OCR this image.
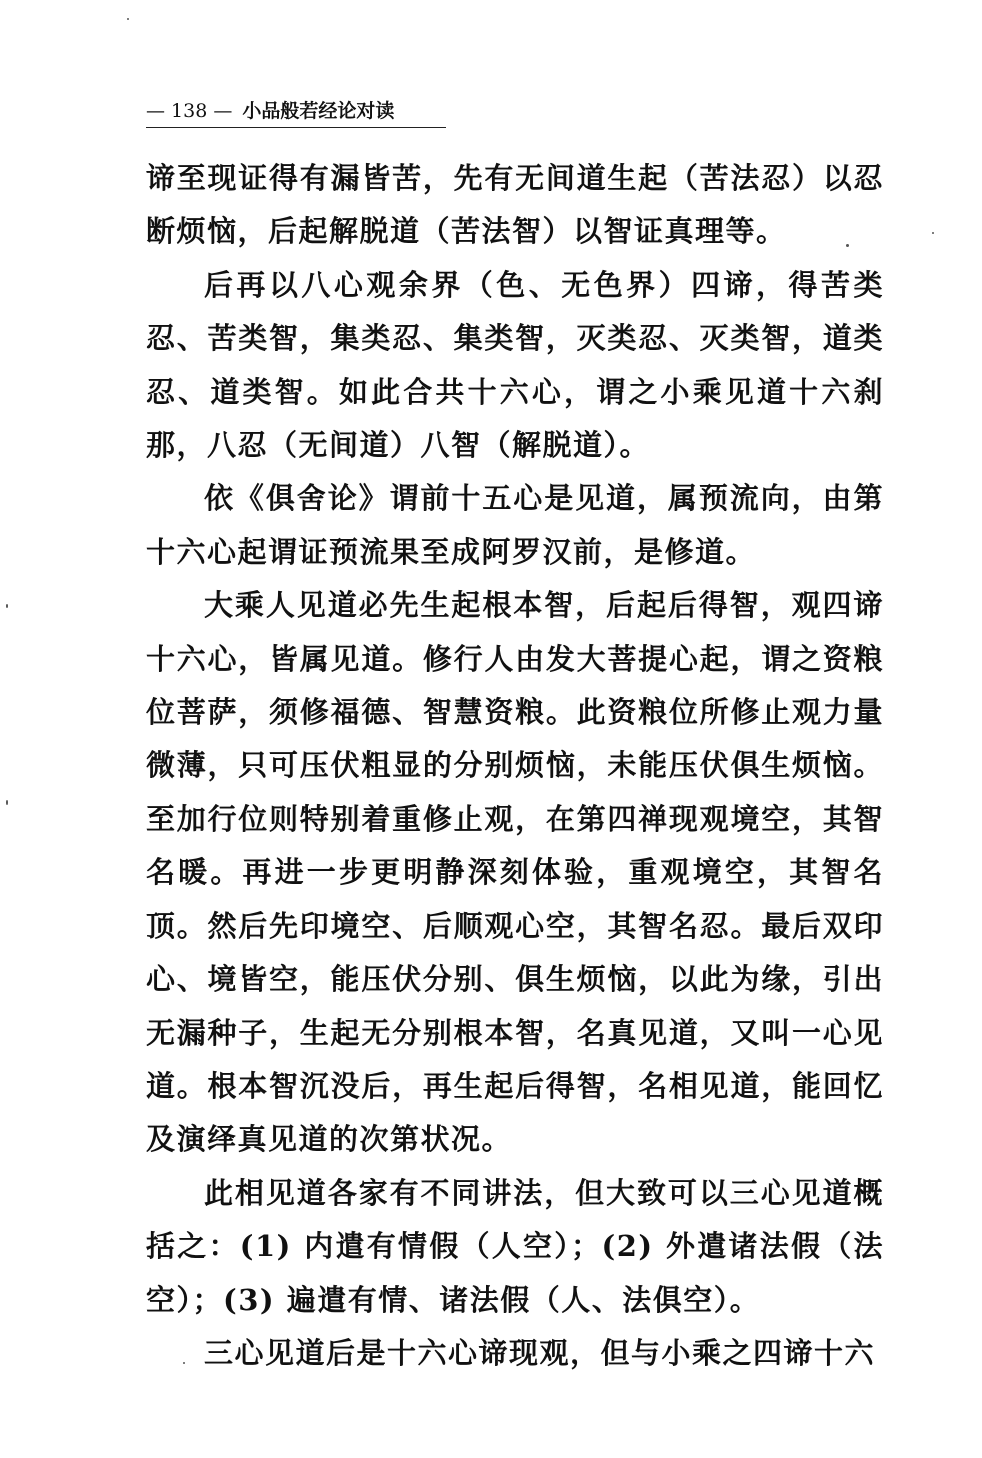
— 138 — 小品般若经论对读

谛至现证得有漏皆苦，先有无间道生起（苦法忍）以忍断烦恼，后起解脱道（苦法智）以智证真理等。

后再以八心观余界（色、无色界）四谛，得苦类忍、苦类智，集类忍、集类智，灭类忍、灭类智，道类忍、道类智。如此合共十六心，谓之小乘见道十六刹那，八忍（无间道）八智（解脱道）。

依《俱舍论》谓前十五心是见道，属预流向，由第十六心起谓证预流果至成阿罗汉前，是修道。

大乘人见道必先生起根本智，后起后得智，观四谛十六心，皆属见道。修行人由发大菩提心起，谓之资粮位菩萨，须修福德、智慧资粮。此资粮位所修止观力量微薄，只可压伏粗显的分别烦恼，未能压伏俱生烦恼。至加行位则特别着重修止观，在第四禅现观境空，其智名暖。再进一步更明静深刻体验，重观境空，其智名顶。然后先印境空、后顺观心空，其智名忍。最后双印心、境皆空，能压伏分别、俱生烦恼，以此为缘，引出无漏种子，生起无分别根本智，名真见道，又叫一心见道。根本智沉没后，再生起后得智，名相见道，能回忆及演绎真见道的次第状况。

此相见道各家有不同讲法，但大致可以三心见道概括之：(1) 内遣有情假（人空）；(2) 外遣诸法假（法空）；(3) 遍遣有情、诸法假（人、法俱空）。

三心见道后是十六心谛现观，但与小乘之四谛十六
